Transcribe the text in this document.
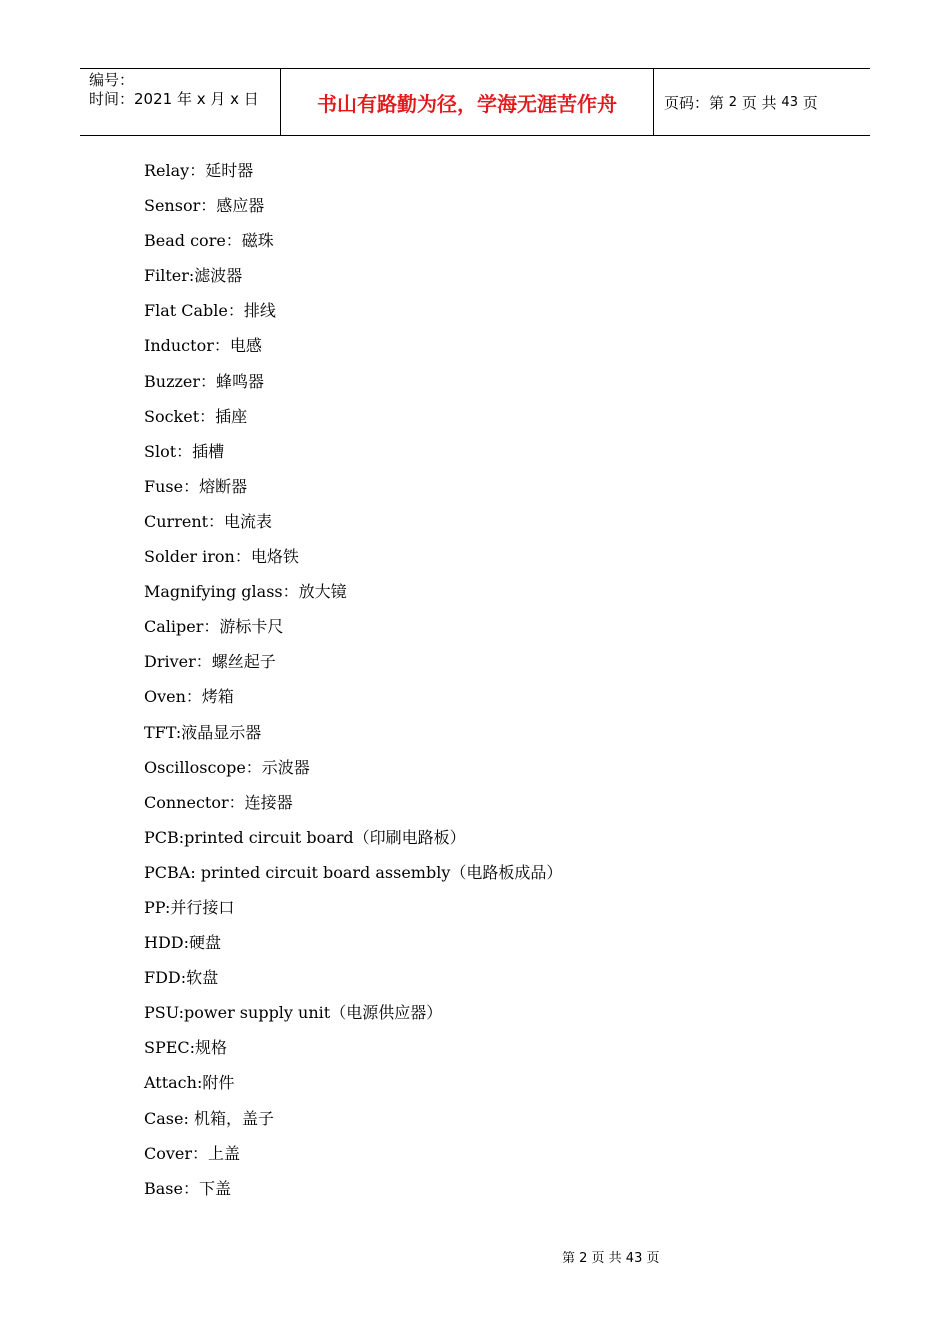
编号：
时间：2021 年 x 月 x 日	书山有路勤为径，学海无涯苦作舟	页码：第
2
页 共
43
页
Relay：延时器
Sensor：感应器
Bead core：磁珠
Filter:滤波器
Flat Cable：排线
Inductor：电感
Buzzer：蜂鸣器
Socket：插座
Slot：插槽
Fuse：熔断器
Current：电流表
Solder iron：电烙铁
Magnifying glass：放大镜
Caliper：游标卡尺
Driver：螺丝起子
Oven：烤箱
TFT:液晶显示器
Oscilloscope：示波器
Connector：连接器
PCB:printed circuit board（印刷电路板）
PCBA: printed circuit board assembly（电路板成品）
PP:并行接口
HDD:硬盘
FDD:软盘
PSU:power supply unit（电源供应器）
SPEC:规格
Attach:附件
Case: 机箱，盖子
Cover：上盖
Base：下盖
第 2 页 共 43 页
